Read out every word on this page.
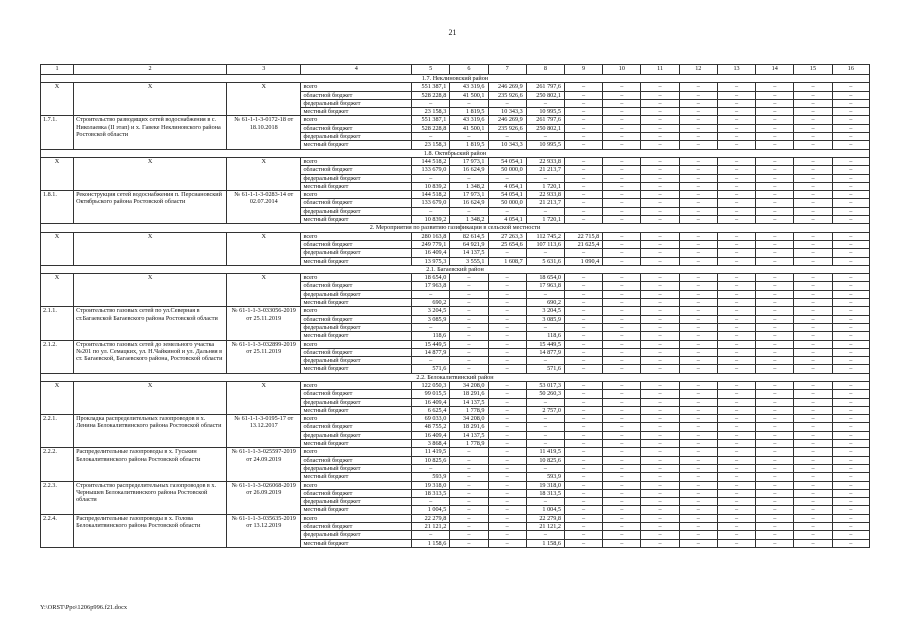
21
1	2	3	4	5	6	7	8	9	10	11	12	13	14	15	16
1.7. Неклиновский район															
Х	Х	Х	всего	551 387,1	43 319,6	246 269,9	261 797,6	–	–	–	–	–	–	–	–
			областной бюджет	528 228,8	41 500,1	235 926,6	250 802,1	–	–	–	–	–	–	–	–
			федеральный бюджет	–	–	–	–	–	–	–	–	–	–	–	–
			местный бюджет	23 158,3	1 819,5	10 343,3	10 995,5	–	–	–	–	–	–	–	–
1.7.1.	Строительство разводящих сетей водоснабжения в с. Николаевка (II этап) и х. Гавеке Неклиновского района Ростовской области	№ 61-1-1-3-0172-18 от 18.10.2018	всего	551 387,1	43 319,6	246 269,9	261 797,6	–	–	–	–	–	–	–	–
			областной бюджет	528 228,8	41 500,1	235 926,6	250 802,1	–	–	–	–	–	–	–	–
			федеральный бюджет	–	–	–	–	–	–	–	–	–	–	–	–
			местный бюджет	23 158,3	1 819,5	10 343,3	10 995,5	–	–	–	–	–	–	–	–
1.8. Октябрьский район															
Х	Х	Х	всего	144 518,2	17 973,1	54 054,1	22 933,8	–	–	–	–	–	–	–	–
			областной бюджет	133 679,0	16 624,9	50 000,0	21 213,7	–	–	–	–	–	–	–	–
			федеральный бюджет	–	–	–	–	–	–	–	–	–	–	–	–
			местный бюджет	10 839,2	1 348,2	4 054,1	1 720,1	–	–	–	–	–	–	–	–
1.8.1.	Реконструкция сетей водоснабжения п. Персиановский Октябрьского района Ростовской области	№ 61-1-1-3-0283-14 от 02.07.2014	всего	144 518,2	17 973,1	54 054,1	22 933,8	–	–	–	–	–	–	–	–
			областной бюджет	133 679,0	16 624,9	50 000,0	21 213,7	–	–	–	–	–	–	–	–
			федеральный бюджет	–	–	–	–	–	–	–	–	–	–	–	–
			местный бюджет	10 839,2	1 348,2	4 054,1	1 720,1	–	–	–	–	–	–	–	–
2. Мероприятия по развитию газификации в сельской местности															
Х	Х	Х	всего	280 163,8	82 614,5	27 263,3	112 745,2	22 715,8	–	–	–	–	–	–	–
			областной бюджет	249 779,1	64 921,9	25 654,6	107 113,6	21 625,4	–	–	–	–	–	–	–
			федеральный бюджет	16 409,4	14 137,5	–	–	–	–	–	–	–	–	–	–
			местный бюджет	13 975,3	3 555,1	1 608,7	5 631,6	1 090,4	–	–	–	–	–	–	–
2.1. Багаевский район															
Х	Х	Х	всего	18 654,0	–	–	18 654,0	–	–	–	–	–	–	–	–
			областной бюджет	17 963,8	–	–	17 963,8	–	–	–	–	–	–	–	–
			федеральный бюджет	–	–	–	–	–	–	–	–	–	–	–	–
			местный бюджет	690,2	–	–	690,2	–	–	–	–	–	–	–	–
2.1.1.	Строительство газовых сетей по ул.Северная в ст.Багаевской Багаевского района Ростовской области	№ 61-1-1-3-033056-2019 от 25.11.2019	всего	3 204,5	–	–	3 204,5	–	–	–	–	–	–	–	–
			областной бюджет	3 085,9	–	–	3 085,9	–	–	–	–	–	–	–	–
			федеральный бюджет	–	–	–	–	–	–	–	–	–	–	–	–
			местный бюджет	118,6	–	–	118,6	–	–	–	–	–	–	–	–
2.1.2.	Строительство газовых сетей до земельного участка №201 по ул. Семацких, ул. Н.Чайкиной и ул. Дальняя в ст. Багаевской, Багаевского района, Ростовской области	№ 61-1-1-3-032899-2019 от 25.11.2019	всего	15 449,5	–	–	15 449,5	–	–	–	–	–	–	–	–
			областной бюджет	14 877,9	–	–	14 877,9	–	–	–	–	–	–	–	–
			федеральный бюджет	–	–	–	–	–	–	–	–	–	–	–	–
			местный бюджет	571,6	–	–	571,6	–	–	–	–	–	–	–	–
2.2. Белокалитвинский район															
Х	Х	Х	всего	122 050,3	34 208,0	–	53 017,3	–	–	–	–	–	–	–	–
			областной бюджет	99 015,5	18 291,6	–	50 260,3	–	–	–	–	–	–	–	–
			федеральный бюджет	16 409,4	14 137,5	–	–	–	–	–	–	–	–	–	–
			местный бюджет	6 625,4	1 778,9	–	2 757,0	–	–	–	–	–	–	–	–
2.2.1.	Прокладка распределительных газопроводов в х. Ленина Белокалитвинского района Ростовской области	№ 61-1-1-3-0195-17 от 13.12.2017	всего	69 033,0	34 208,0	–	–	–	–	–	–	–	–	–	–
			областной бюджет	48 755,2	18 291,6	–	–	–	–	–	–	–	–	–	–
			федеральный бюджет	16 409,4	14 137,5	–	–	–	–	–	–	–	–	–	–
			местный бюджет	3 868,4	1 778,9	–	–	–	–	–	–	–	–	–	–
2.2.2.	Распределительные газопроводы в х. Гуськин Белокалитвинского района Ростовской области	№ 61-1-1-3-025597-2019 от 24.09.2019	всего	11 419,5	–	–	11 419,5	–	–	–	–	–	–	–	–
			областной бюджет	10 825,6	–	–	10 825,6	–	–	–	–	–	–	–	–
			федеральный бюджет	–	–	–	–	–	–	–	–	–	–	–	–
			местный бюджет	593,9	–	–	593,9	–	–	–	–	–	–	–	–
2.2.3.	Строительство распределительных газопроводов в х. Чернышев Белокалитвинского района Ростовской области	№ 61-1-1-3-026068-2019 от 26.09.2019	всего	19 318,0	–	–	19 318,0	–	–	–	–	–	–	–	–
			областной бюджет	18 313,5	–	–	18 313,5	–	–	–	–	–	–	–	–
			федеральный бюджет	–	–	–	–	–	–	–	–	–	–	–	–
			местный бюджет	1 004,5	–	–	1 004,5	–	–	–	–	–	–	–	–
2.2.4.	Распределительные газопроводы в х. Голова Белокалитвинского района Ростовской области	№ 61-1-1-3-035635-2019 от 13.12.2019	всего	22 279,8	–	–	22 279,8	–	–	–	–	–	–	–	–
			областной бюджет	21 121,2	–	–	21 121,2	–	–	–	–	–	–	–	–
			федеральный бюджет	–	–	–	–	–	–	–	–	–	–	–	–
			местный бюджет	1 158,6	–	–	1 158,6	–	–	–	–	–	–	–	–
Y:\ORST\Ppo\1206p996.f21.docx
